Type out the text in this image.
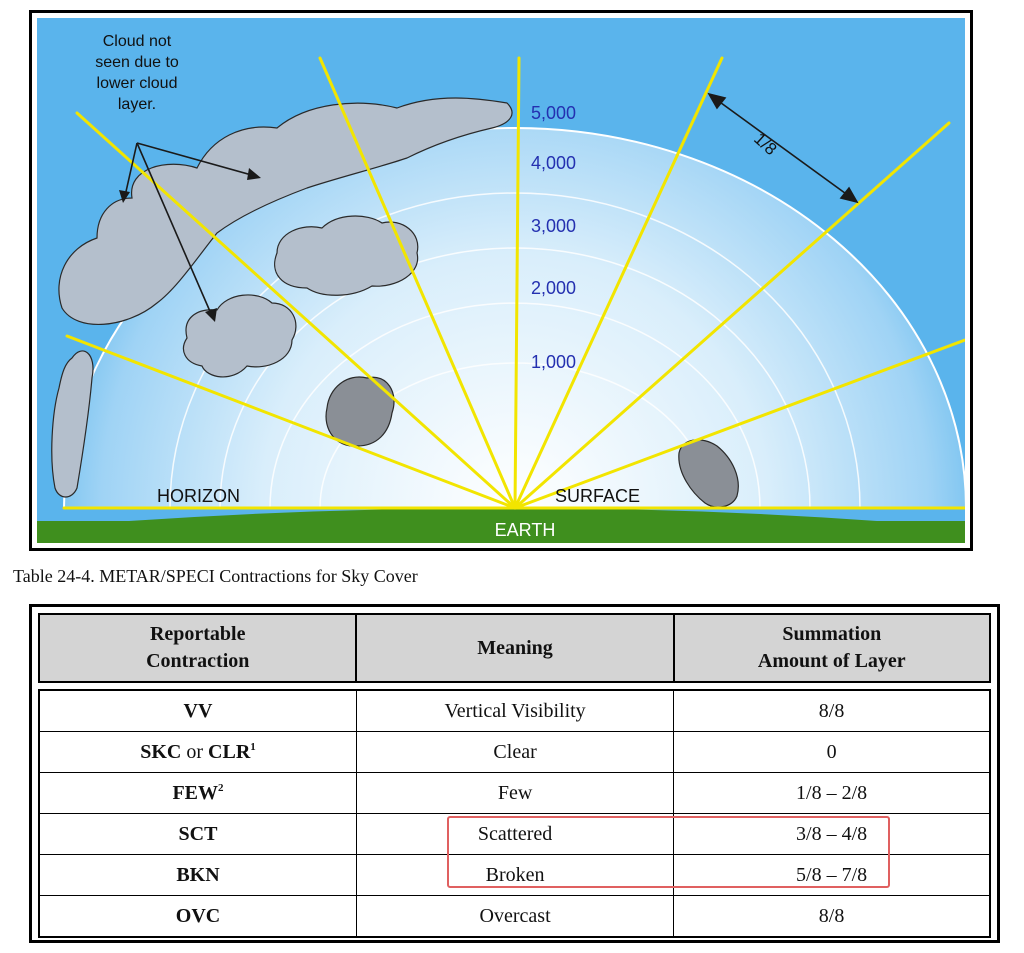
Cloud not
seen due to
lower cloud
layer.	5,000
4,000
3,000
2,000
1,000
1/8
HORIZON	SURFACE
EARTH
Table 24-4. METAR/SPECI Contractions for Sky Cover
Reportable
Contraction	Meaning	Summation
Amount of Layer
VV	Vertical Visibility	8/8
SKC or CLR$^1$	Clear	0
FEW$^2$	Few	1/8 – 2/8
SCT	Scattered	3/8 – 4/8
BKN	Broken	5/8 – 7/8
OVC	Overcast	8/8
